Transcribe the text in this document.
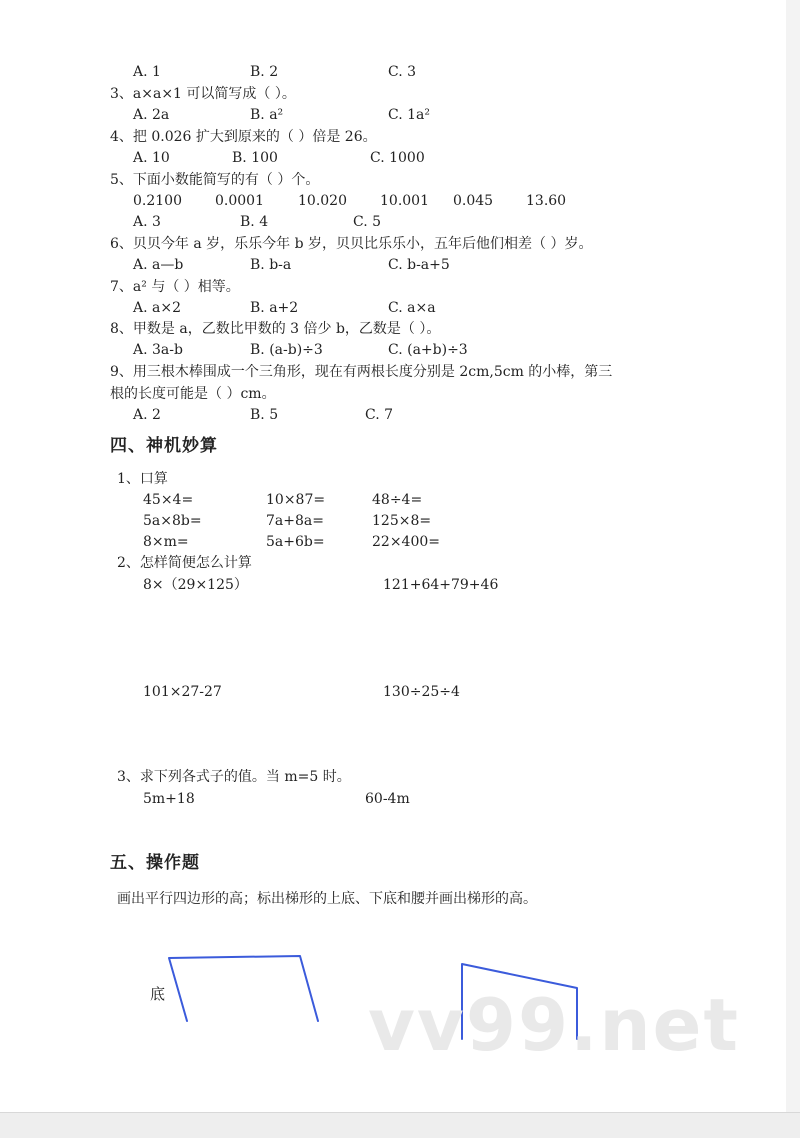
A. 1	B. 2	C. 3
3、a×a×1 可以简写成（ ）。
A. 2a	B. a²	C. 1a²
4、把 0.026 扩大到原来的（ ）倍是 26。
A. 10	B. 100	C. 1000
5、下面小数能简写的有（ ）个。
0.2100 0.0001 10.020 10.001 0.045 13.60
A. 3	B. 4	C. 5
6、贝贝今年 a 岁，乐乐今年 b 岁，贝贝比乐乐小，五年后他们相差（ ）岁。
A. a—b	B. b-a	C. b-a+5
7、a² 与（ ）相等。
A. a×2	B. a+2	C. a×a
8、甲数是 a，乙数比甲数的 3 倍少 b，乙数是（ ）。
A. 3a-b	B. (a-b)÷3	C. (a+b)÷3
9、用三根木棒围成一个三角形，现在有两根长度分别是 2cm,5cm 的小棒，第三
根的长度可能是（ ）cm。
A. 2	B. 5	C. 7
四、神机妙算
1、口算
45×4=	10×87=	48÷4=
5a×8b=	7a+8a=	125×8=
8×m=	5a+6b=	22×400=
2、怎样简便怎么计算
8×（29×125）	121+64+79+46
101×27-27	130÷25÷4
3、求下列各式子的值。当 m=5 时。
5m+18	60-4m
五、操作题
画出平行四边形的高；标出梯形的上底、下底和腰并画出梯形的高。
底	vv99.net
